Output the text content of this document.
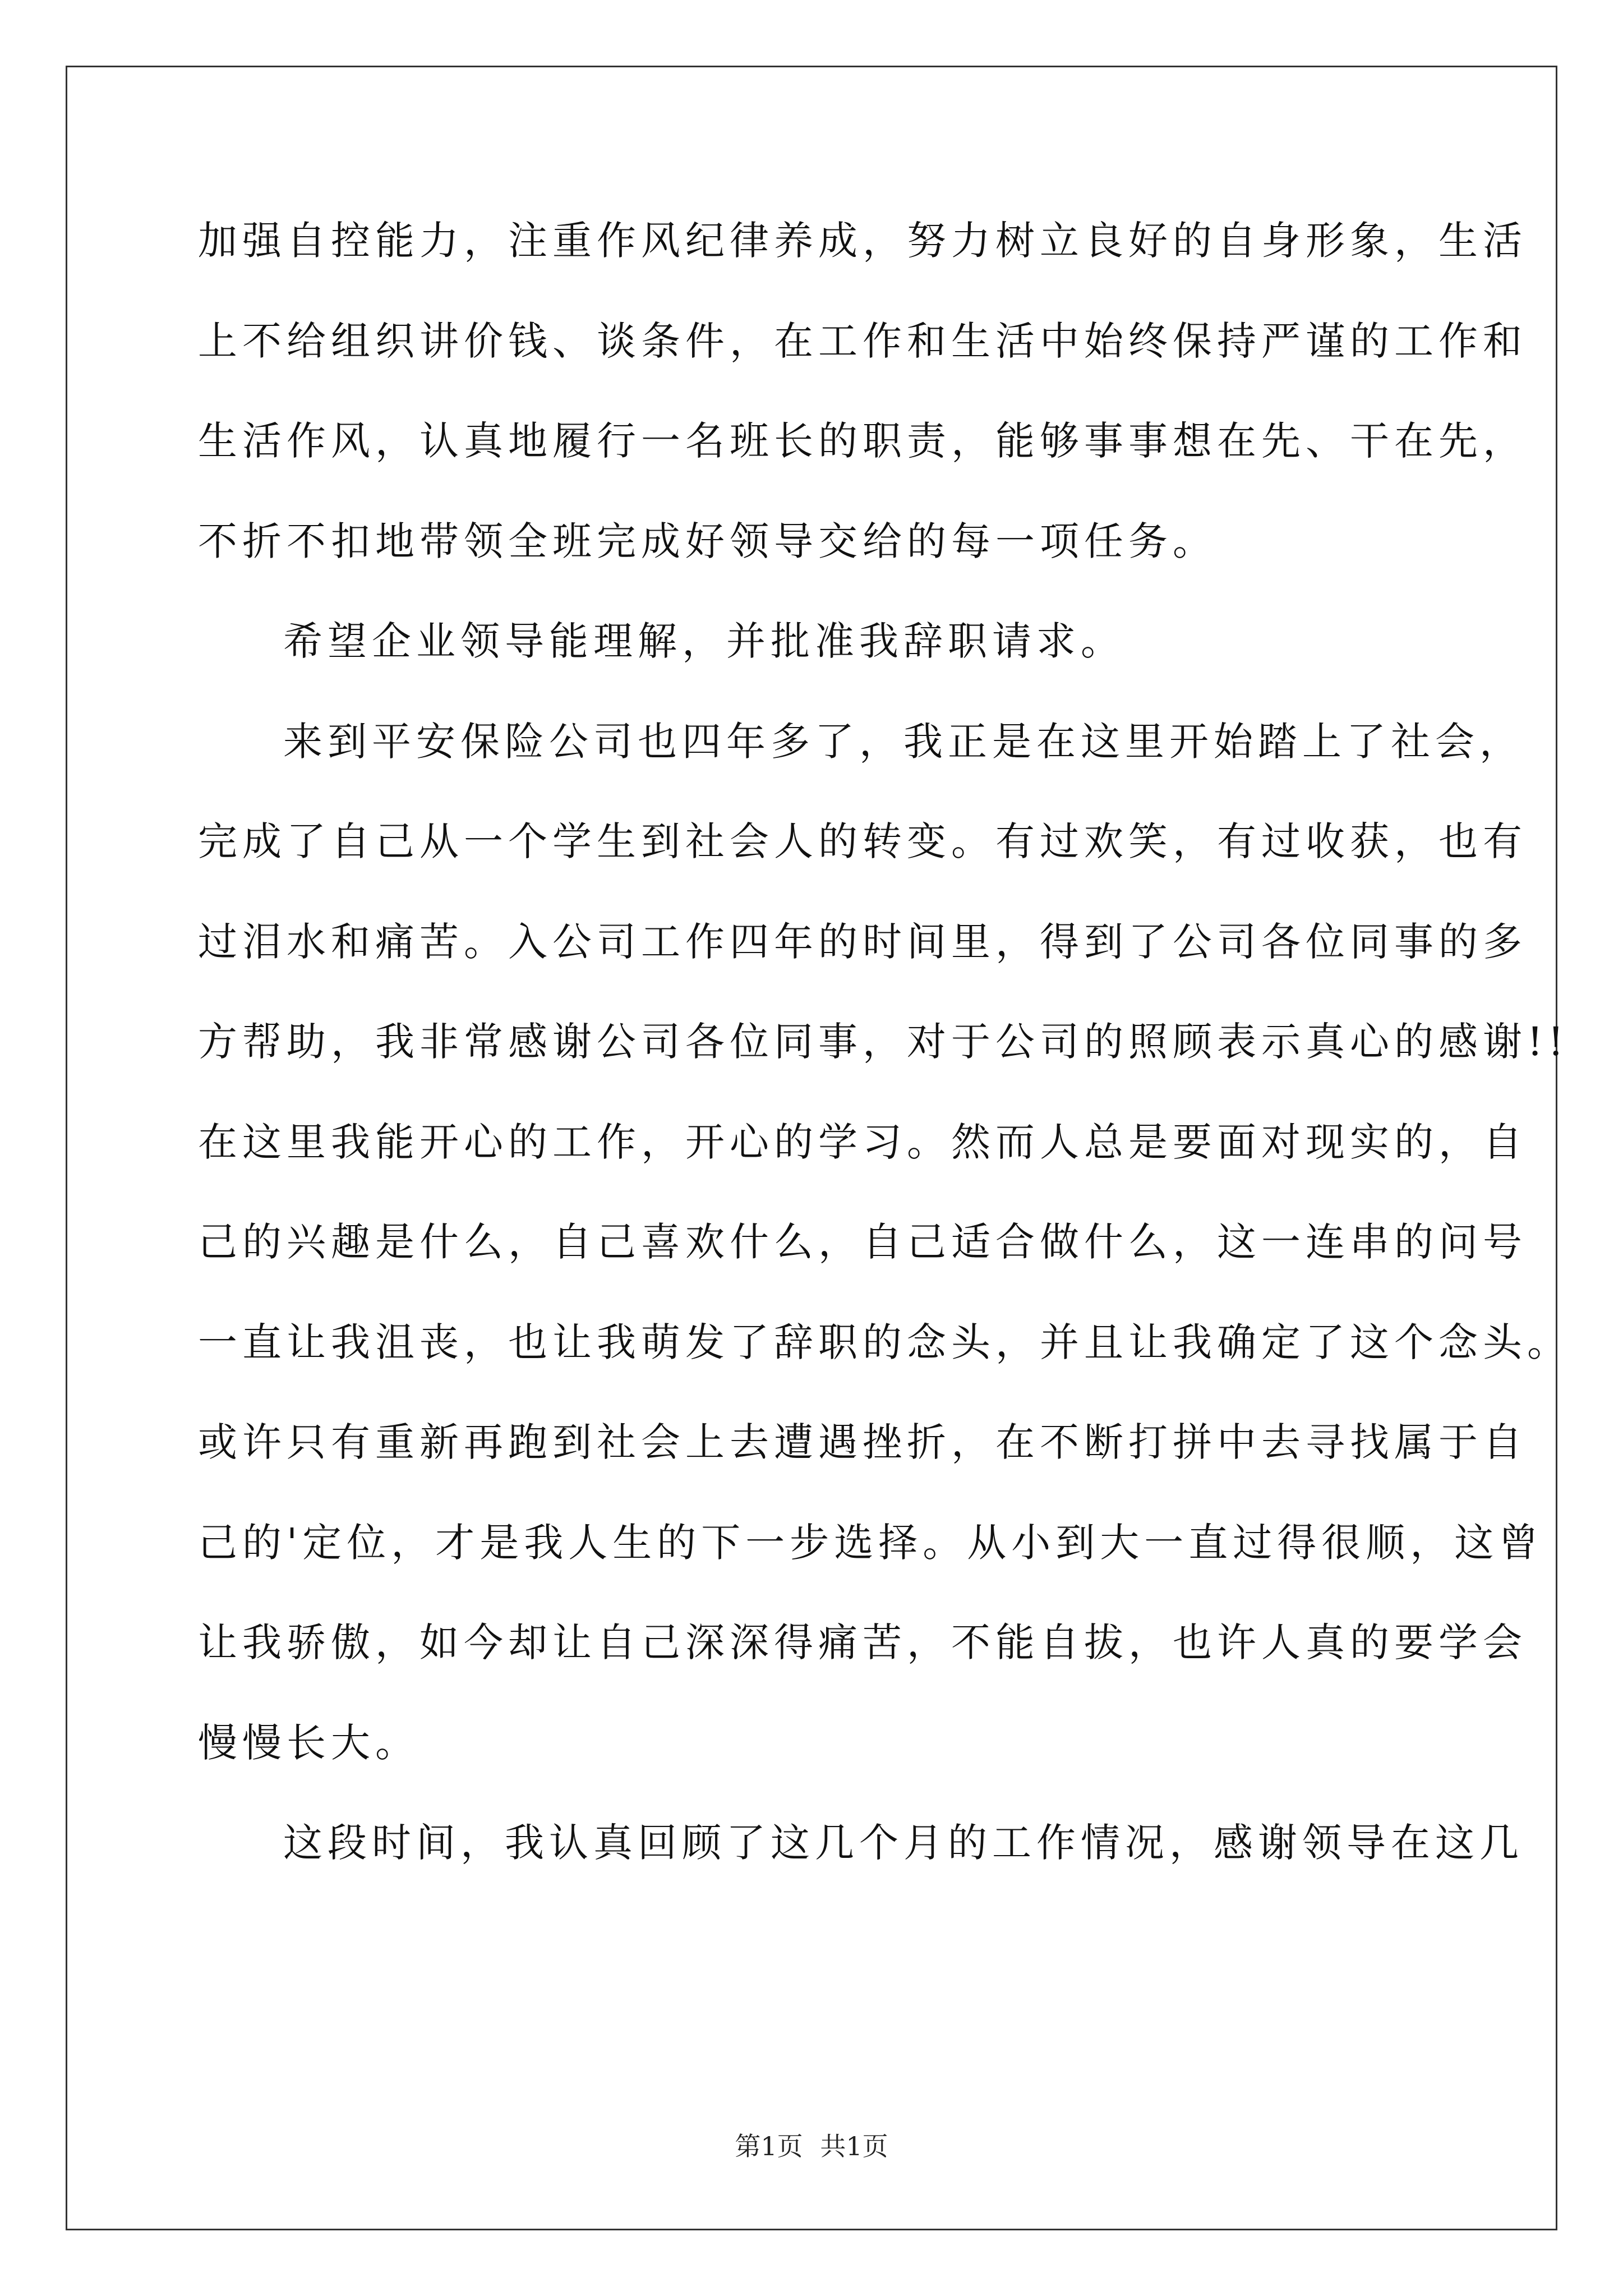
加强自控能力，注重作风纪律养成，努力树立良好的自身形象，生活
上不给组织讲价钱、谈条件，在工作和生活中始终保持严谨的工作和
生活作风，认真地履行一名班长的职责，能够事事想在先、干在先，
不折不扣地带领全班完成好领导交给的每一项任务。
希望企业领导能理解，并批准我辞职请求。
来到平安保险公司也四年多了，我正是在这里开始踏上了社会，
完成了自己从一个学生到社会人的转变。有过欢笑，有过收获，也有
过泪水和痛苦。入公司工作四年的时间里，得到了公司各位同事的多
方帮助，我非常感谢公司各位同事，对于公司的照顾表示真心的感谢!!
在这里我能开心的工作，开心的学习。然而人总是要面对现实的，自
己的兴趣是什么，自己喜欢什么，自己适合做什么，这一连串的问号
一直让我沮丧，也让我萌发了辞职的念头，并且让我确定了这个念头。
或许只有重新再跑到社会上去遭遇挫折，在不断打拼中去寻找属于自
己的'定位，才是我人生的下一步选择。从小到大一直过得很顺，这曾
让我骄傲，如今却让自己深深得痛苦，不能自拔，也许人真的要学会
慢慢长大。
这段时间，我认真回顾了这几个月的工作情况，感谢领导在这几
第1页 共1页
